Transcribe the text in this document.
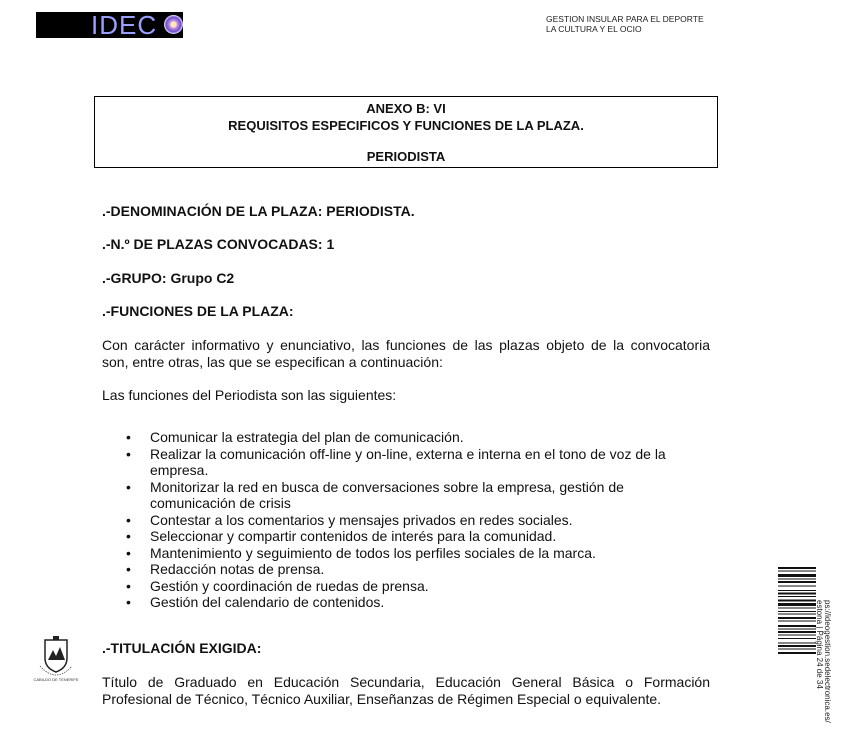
IDEC	GESTION INSULAR PARA EL DEPORTE
LA CULTURA Y EL OCIO
ANEXO B: VI
REQUISITOS ESPECIFICOS Y FUNCIONES DE LA PLAZA.
PERIODISTA
.-DENOMINACIÓN DE LA PLAZA: PERIODISTA.
.-N.º DE PLAZAS CONVOCADAS: 1
.-GRUPO: Grupo C2
.-FUNCIONES DE LA PLAZA:
Con carácter informativo y enunciativo, las funciones de las plazas objeto de la convocatoria
son, entre otras, las que se especifican a continuación:
Las funciones del Periodista son las siguientes:
• Comunicar la estrategia del plan de comunicación.
• Realizar la comunicación off-line y on-line, externa e interna en el tono de voz de la empresa.
• Monitorizar la red en busca de conversaciones sobre la empresa, gestión de comunicación de crisis
• Contestar a los comentarios y mensajes privados en redes sociales.
• Seleccionar y compartir contenidos de interés para la comunidad.
• Mantenimiento y seguimiento de todos los perfiles sociales de la marca.
• Redacción notas de prensa.
• Gestión y coordinación de ruedas de prensa.
• Gestión del calendario de contenidos.
.-TITULACIÓN EXIGIDA:
Título de Graduado en Educación Secundaria, Educación General Básica o Formación
Profesional de Técnico, Técnico Auxiliar, Enseñanzas de Régimen Especial o equivalente.
CABILDO DE TENERIFE	ps://ideogestion.sedelectronica.es/
estona | Página 24 de 34
